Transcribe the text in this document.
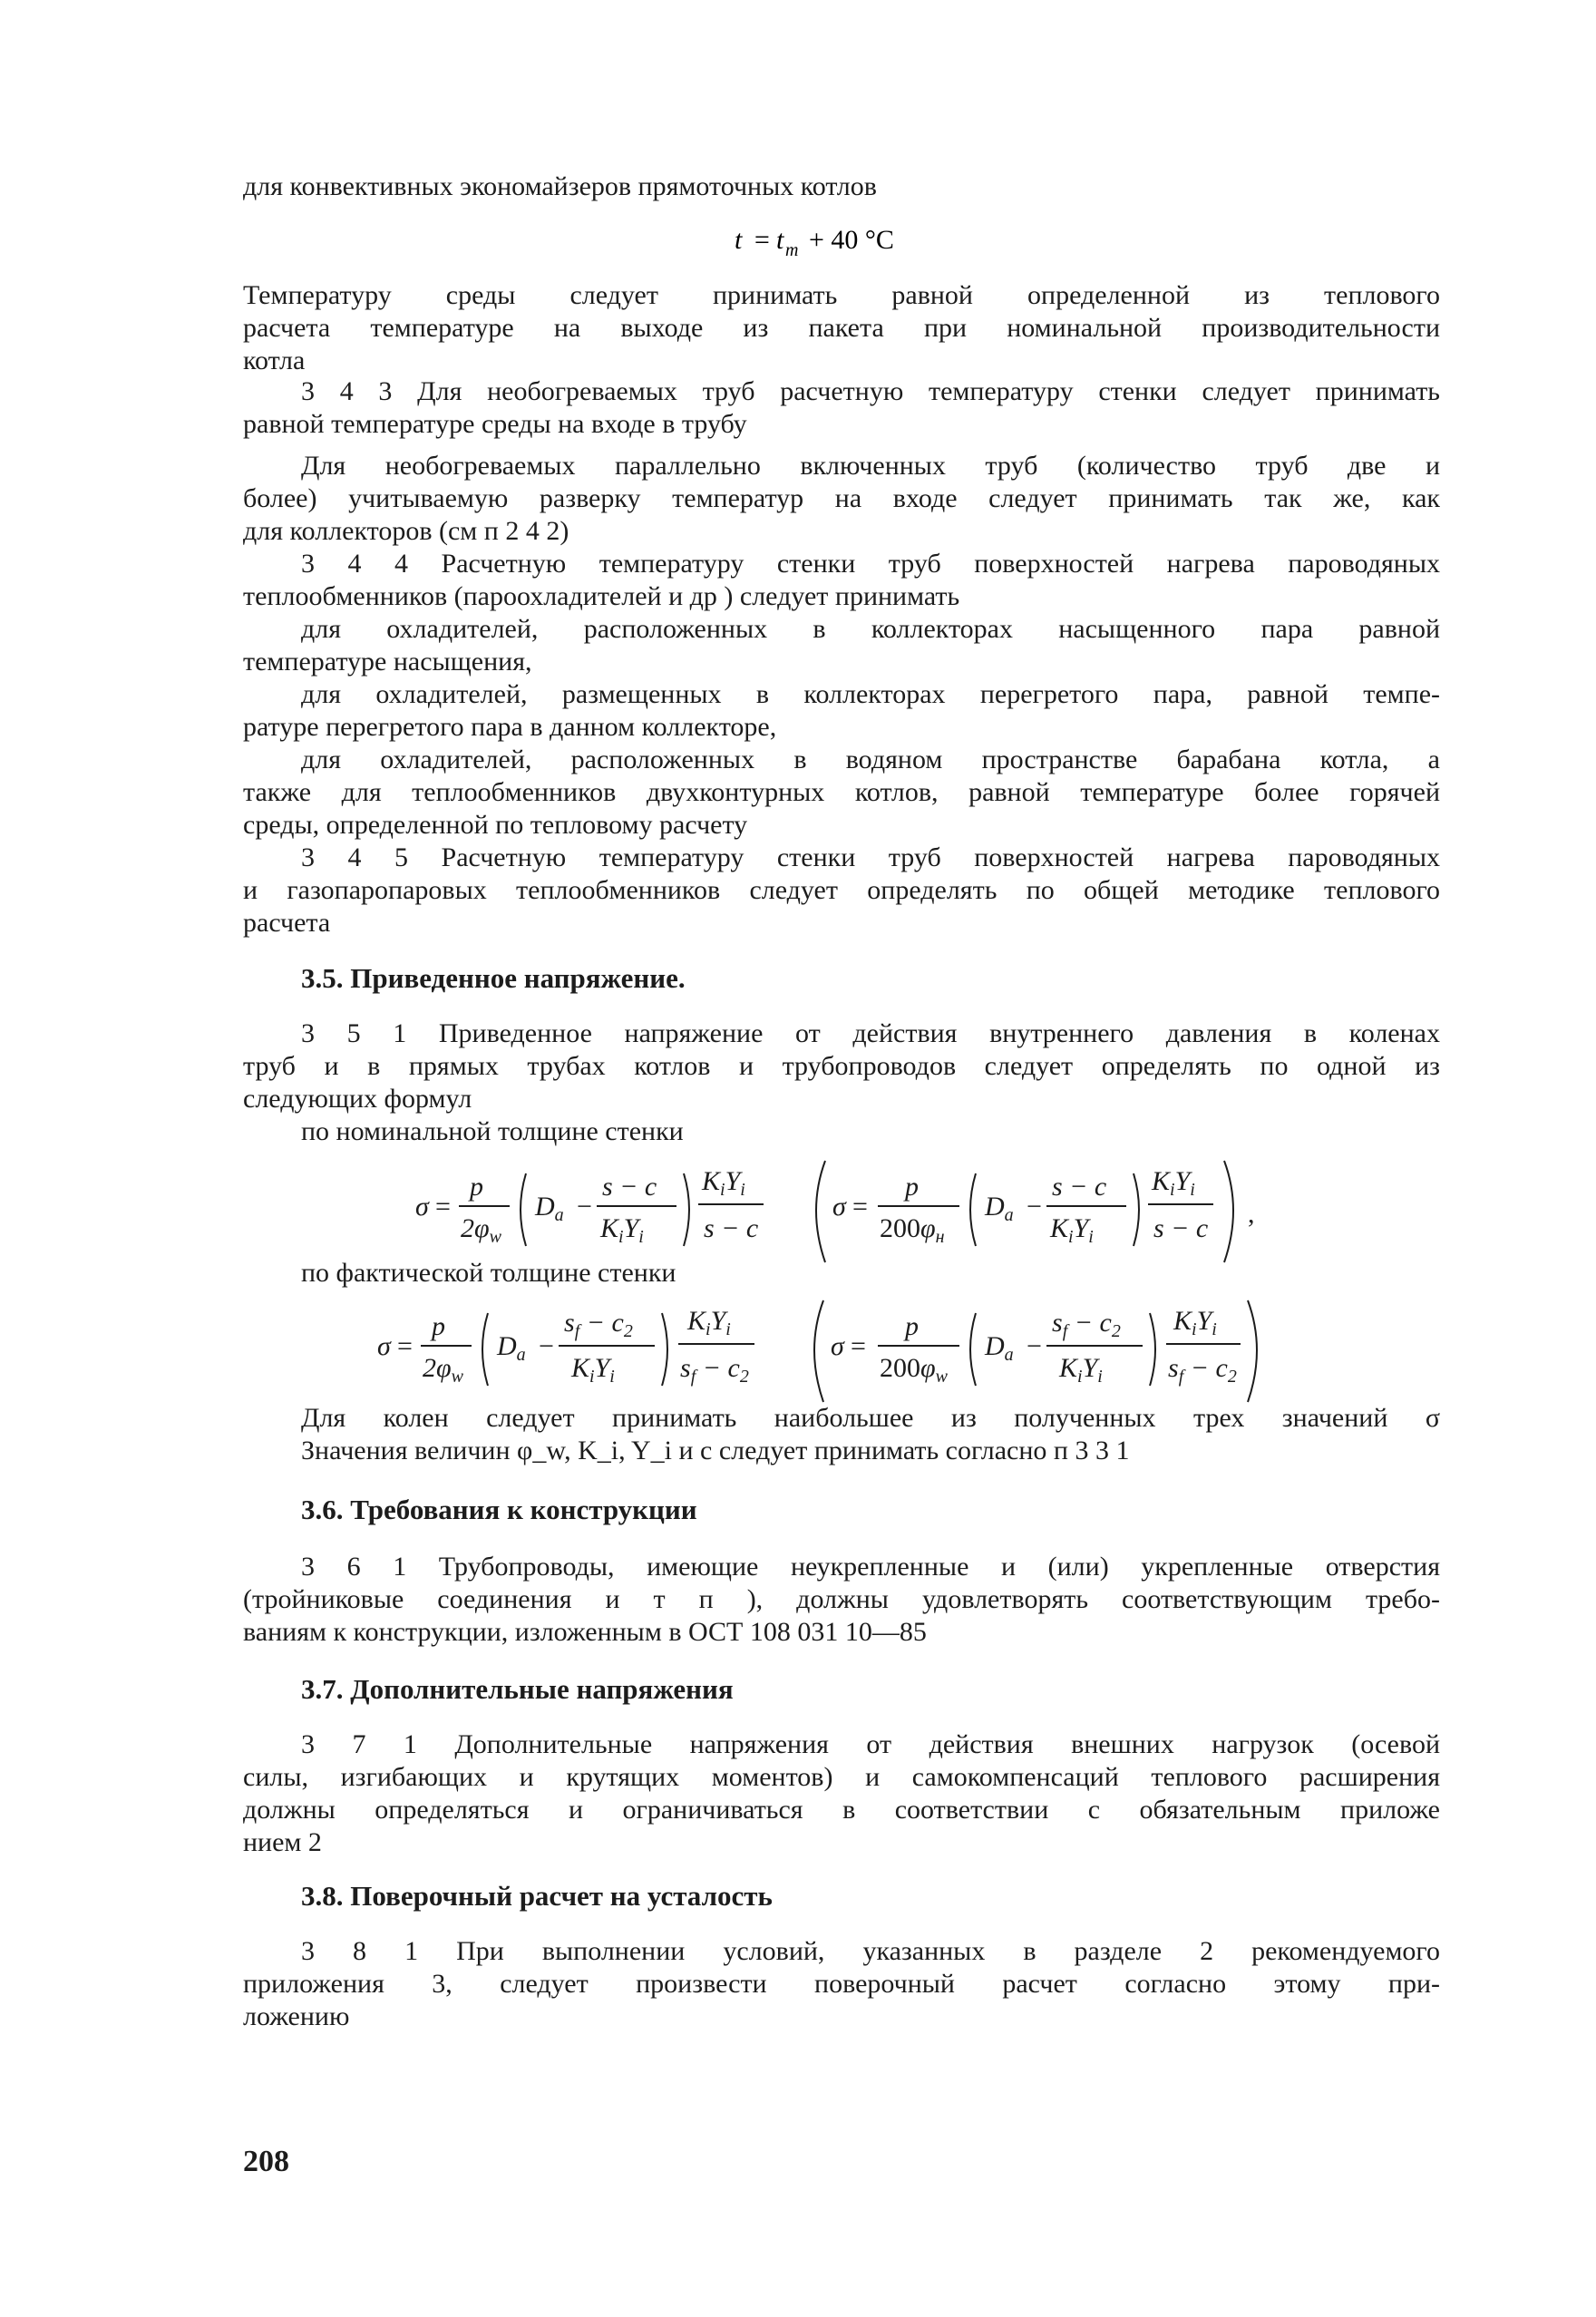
для конвективных экономайзеров прямоточных котлов
t = t m + 40 °C
Температуру среды следует принимать равной определенной из теплового
расчета температуре на выходе из пакета при номинальной производительности
котла
3 4 3 Для необогреваемых труб расчетную температуру стенки следует принимать
равной температуре среды на входе в трубу
Для необогреваемых параллельно включенных труб (количество труб две и
более) учитываемую разверку температур на входе следует принимать так же, как
для коллекторов (см п 2 4 2)
3 4 4 Расчетную температуру стенки труб поверхностей нагрева пароводяных
теплообменников (пароохладителей и др ) следует принимать
для охладителей, расположенных в коллекторах насыщенного пара равной
температуре насыщения,
для охладителей, размещенных в коллекторах перегретого пара, равной темпе-
ратуре перегретого пара в данном коллекторе,
для охладителей, расположенных в водяном пространстве барабана котла, а
также для теплообменников двухконтурных котлов, равной температуре более горячей
среды, определенной по тепловому расчету
3 4 5 Расчетную температуру стенки труб поверхностей нагрева пароводяных
и газопаропаровых теплообменников следует определять по общей методике теплового
расчета
3.5. Приведенное напряжение.
3 5 1 Приведенное напряжение от действия внутреннего давления в коленах
труб и в прямых трубах котлов и трубопроводов следует определять по одной из
следующих формул
по номинальной толщине стенки
σ =
p
$2\varphi_w$
$D_a$ −
s − c
$K_iY_i$
$K_iY_i$
s − c
σ =
p
$200\varphi_н$
$D_a$ −
s − c
$K_iY_i$
$K_iY_i$
s − c ,
по фактической толщине стенки
σ =
p
$2\varphi_w$
$D_a$ −
$s_f - c_2$
$K_iY_i$
$K_iY_i$
$s_f - c_2$
σ =
p
$200\varphi_w$
$D_a$ −
$s_f - c_2$
$K_iY_i$
$K_iY_i$
$s_f - c_2$
Для колен следует принимать наибольшее из полученных трех значений σ
Значения величин φ_w, K_i, Y_i и c следует принимать согласно п 3 3 1
3.6. Требования к конструкции
3 6 1 Трубопроводы, имеющие неукрепленные и (или) укрепленные отверстия
(тройниковые соединения и т п ), должны удовлетворять соответствующим требо-
ваниям к конструкции, изложенным в ОСТ 108 031 10—85
3.7. Дополнительные напряжения
3 7 1 Дополнительные напряжения от действия внешних нагрузок (осевой
силы, изгибающих и крутящих моментов) и самокомпенсаций теплового расширения
должны определяться и ограничиваться в соответствии с обязательным приложе
нием 2
3.8. Поверочный расчет на усталость
3 8 1 При выполнении условий, указанных в разделе 2 рекомендуемого
приложения 3, следует произвести поверочный расчет согласно этому при-
ложению
208
